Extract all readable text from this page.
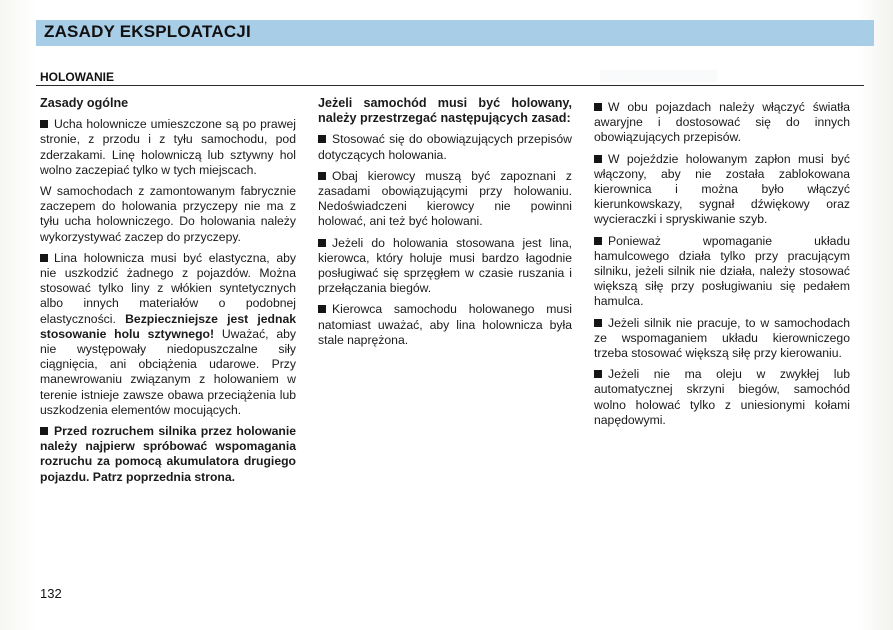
ZASADY EKSPLOATACJI
▒▒▒▒▒▒▒▒▒▒▒▒▒▒▒
HOLOWANIE
Zasady ogólne

Ucha holownicze umieszczone są po prawej stronie, z przodu i z tyłu samochodu, pod zderzakami. Linę holowniczą lub sztywny hol wolno zaczepiać tylko w tych miejscach.

W samochodach z zamontowanym fabrycznie zaczepem do holowania przyczepy nie ma z tyłu ucha holowniczego. Do holowania należy wykorzystywać zaczep do przyczepy.

Lina holownicza musi być elastyczna, aby nie uszkodzić żadnego z pojazdów. Można stosować tylko liny z włókien syntetycznych albo innych materiałów o podobnej elastyczności. Bezpieczniejsze jest jednak stosowanie holu sztywnego! Uważać, aby nie występowały niedopuszczalne siły ciągnięcia, ani obciążenia udarowe. Przy manewrowaniu związanym z holowaniem w terenie istnieje zawsze obawa przeciążenia lub uszkodzenia elementów mocujących.

Przed rozruchem silnika przez holowanie należy najpierw spróbować wspomagania rozruchu za pomocą akumulatora drugiego pojazdu. Patrz poprzednia strona.

Jeżeli samochód musi być holowany, należy przestrzegać następujących zasad:

Stosować się do obowiązujących przepisów dotyczących holowania.

Obaj kierowcy muszą być zapoznani z zasadami obowiązującymi przy holowaniu. Nedoświadczeni kierowcy nie powinni holować, ani też być holowani.

Jeżeli do holowania stosowana jest lina, kierowca, który holuje musi bardzo łagodnie posługiwać się sprzęgłem w czasie ruszania i przełączania biegów.

Kierowca samochodu holowanego musi natomiast uważać, aby lina holownicza była stale naprężona.

W obu pojazdach należy włączyć światła awaryjne i dostosować się do innych obowiązujących przepisów.

W pojeździe holowanym zapłon musi być włączony, aby nie została zablokowana kierownica i można było włączyć kierunkowskazy, sygnał dźwiękowy oraz wycieraczki i spryskiwanie szyb.

Ponieważ wpomaganie układu hamulcowego działa tylko przy pracującym silniku, jeżeli silnik nie działa, należy stosować większą siłę przy posługiwaniu się pedałem hamulca.

Jeżeli silnik nie pracuje, to w samochodach ze wspomaganiem układu kierowniczego trzeba stosować większą siłę przy kierowaniu.

Jeżeli nie ma oleju w zwykłej lub automatycznej skrzyni biegów, samochód wolno holować tylko z uniesionymi kołami napędowymi.

132
